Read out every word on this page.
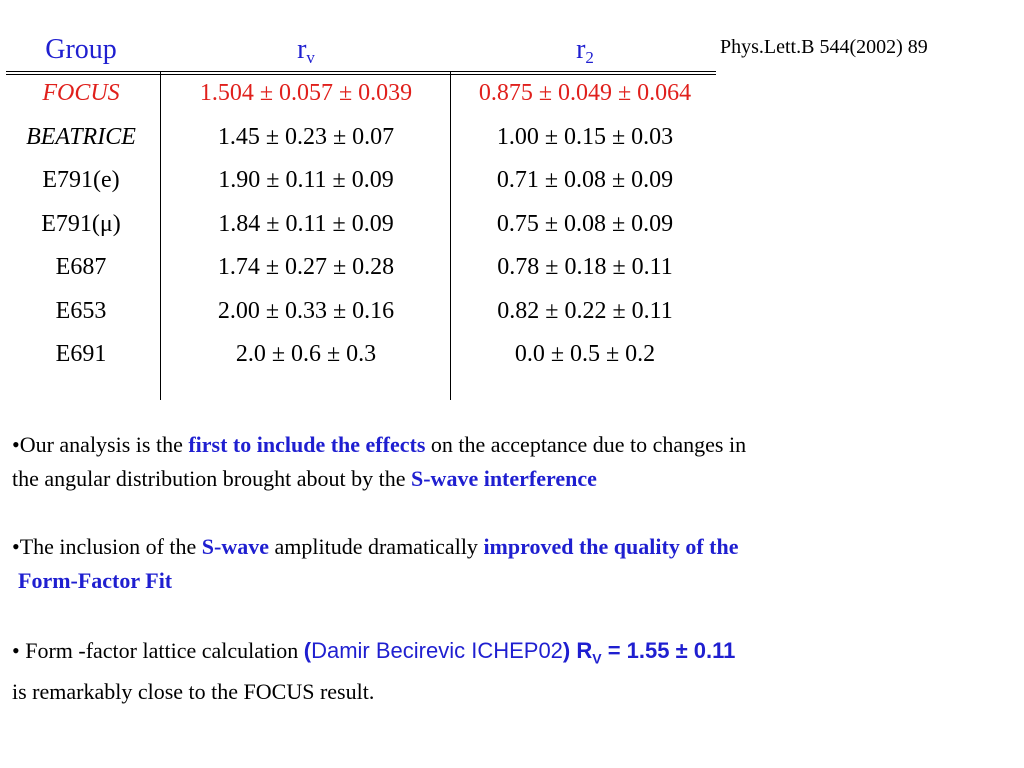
Phys.Lett.B 544(2002) 89
Group	$r_v$	$r_2$
FOCUS	1.504 ± 0.057 ± 0.039	0.875 ± 0.049 ± 0.064
BEATRICE	1.45 ± 0.23 ± 0.07	1.00 ± 0.15 ± 0.03
E791(e)	1.90 ± 0.11 ± 0.09	0.71 ± 0.08 ± 0.09
E791(μ)	1.84 ± 0.11 ± 0.09	0.75 ± 0.08 ± 0.09
E687	1.74 ± 0.27 ± 0.28	0.78 ± 0.18 ± 0.11
E653	2.00 ± 0.33 ± 0.16	0.82 ± 0.22 ± 0.11
E691	2.0 ± 0.6 ± 0.3	0.0 ± 0.5 ± 0.2
•Our analysis is the first to include the effects on the acceptance due to changes in
the angular distribution brought about by the S-wave interference
•The inclusion of the S-wave amplitude dramatically improved the quality of the
Form-Factor Fit
• Form -factor lattice calculation (Damir Becirevic ICHEP02) $R_V = 1.55 \pm 0.11$
is remarkably close to the FOCUS result.
